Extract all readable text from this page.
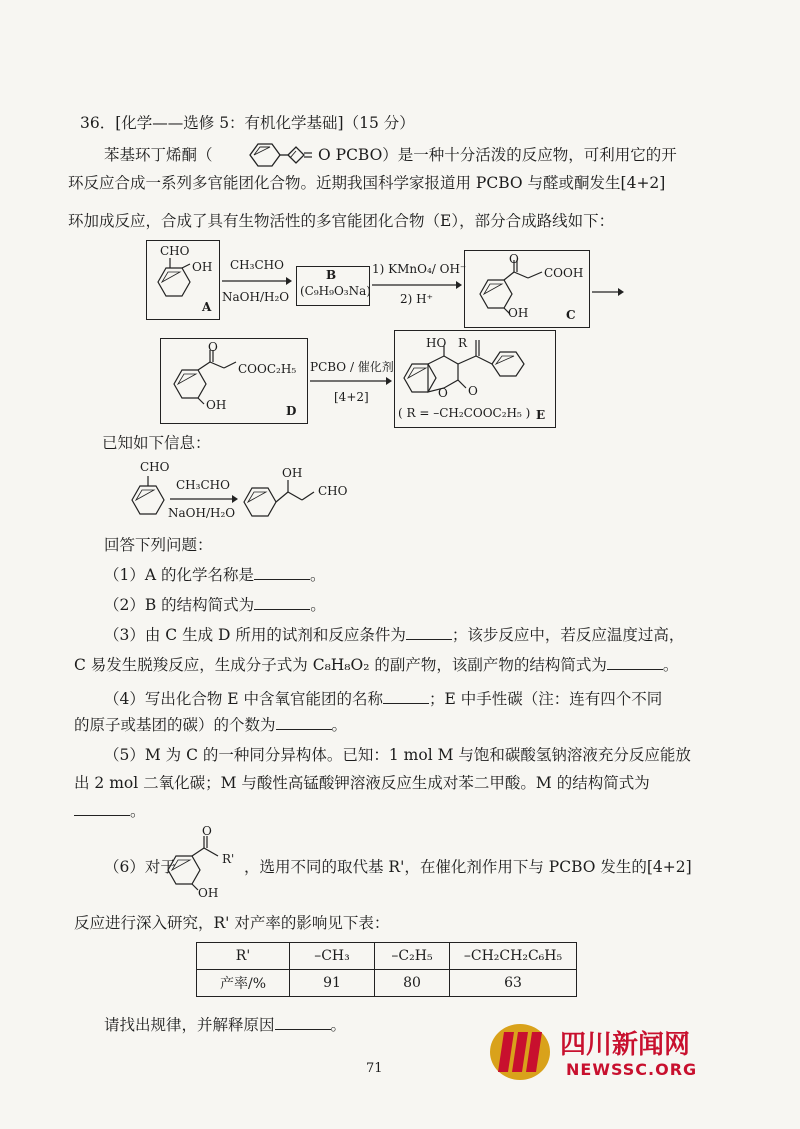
36．[化学——选修 5：有机化学基础]（15 分）
苯基环丁烯酮（	O PCBO）是一种十分活泼的反应物，可利用它的开
环反应合成一系列多官能团化合物。近期我国科学家报道用 PCBO 与醛或酮发生[4+2]
环加成反应，合成了具有生物活性的多官能团化合物（E），部分合成路线如下：
CHO
OH
A
CH₃CHO
NaOH/H₂O
B
(C₉H₉O₃Na)
1) KMnO₄/ OH⁻
2) H⁺
O
COOH
OH	C
O
COOC₂H₅
OH	D
PCBO / 催化剂
[4+2]
HO R
O O
( R = –CH₂COOC₂H₅ ) E
已知如下信息：
CHO
CH₃CHO
NaOH/H₂O
OH
CHO
回答下列问题：
（1）A 的化学名称是	。
（2）B 的结构简式为	。
（3）由 C 生成 D 所用的试剂和反应条件为	；该步反应中，若反应温度过高，
C 易发生脱羧反应，生成分子式为 C₈H₈O₂ 的副产物，该副产物的结构简式为	。
（4）写出化合物 E 中含氧官能团的名称	；E 中手性碳（注：连有四个不同
的原子或基团的碳）的个数为	。
（5）M 为 C 的一种同分异构体。已知：1 mol M 与饱和碳酸氢钠溶液充分反应能放
出 2 mol 二氧化碳；M 与酸性高锰酸钾溶液反应生成对苯二甲酸。M 的结构简式为
。
（6）对于
O
R'
OH
，选用不同的取代基 R'，在催化剂作用下与 PCBO 发生的[4+2]
反应进行深入研究，R' 对产率的影响见下表：
R'	–CH₃	–C₂H₅	–CH₂CH₂C₆H₅
产率/%	91	80	63
请找出规律，并解释原因	。
71
四川新闻网
NEWSSC.ORG
